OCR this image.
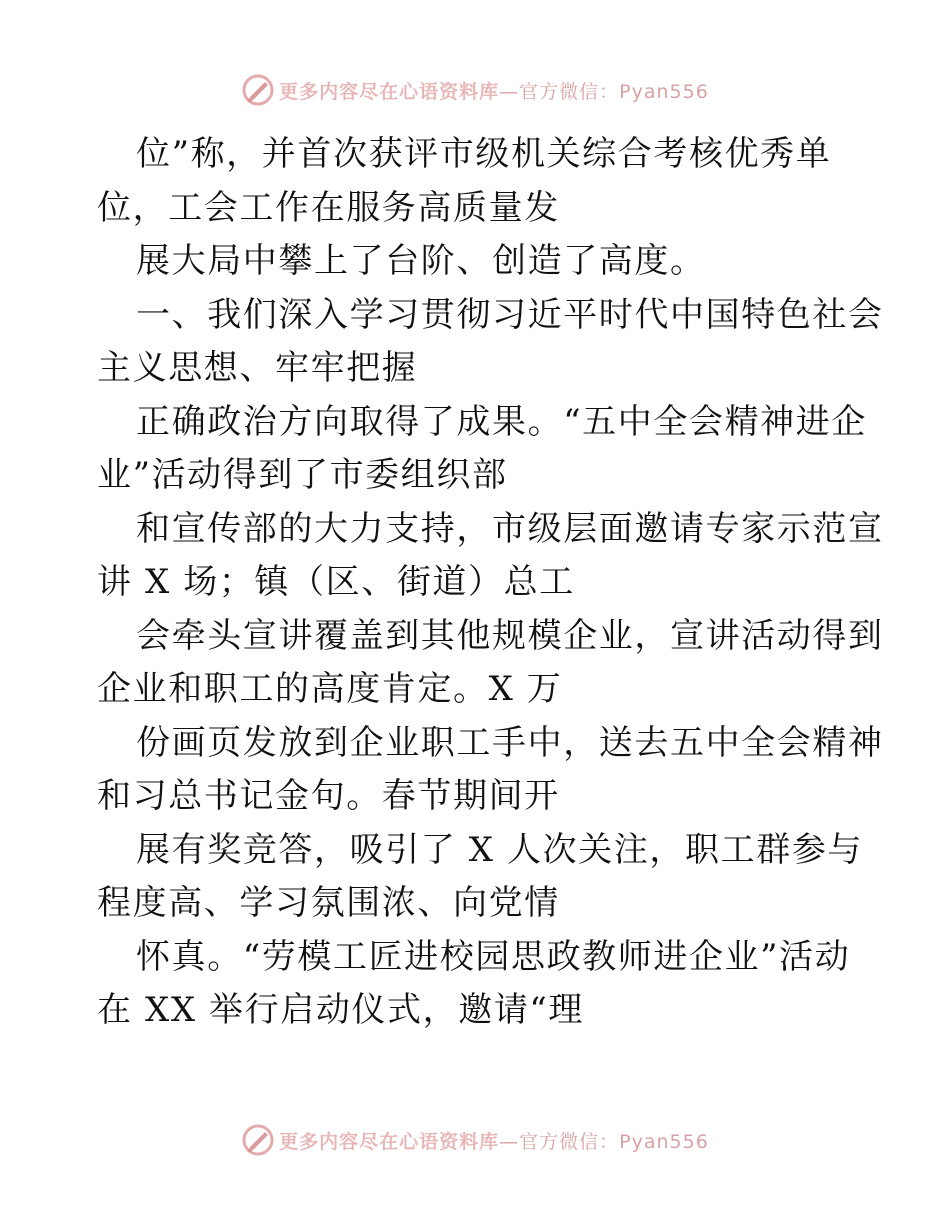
更多内容尽在心语资料库 —官方微信：Pyan556
位”称，并首次获评市级机关综合考核优秀单
位，工会工作在服务高质量发
展大局中攀上了台阶、创造了高度。
一、我们深入学习贯彻习近平时代中国特色社会
主义思想、牢牢把握
正确政治方向取得了成果。“五中全会精神进企
业”活动得到了市委组织部
和宣传部的大力支持，市级层面邀请专家示范宣
讲 X 场；镇（区、街道）总工
会牵头宣讲覆盖到其他规模企业，宣讲活动得到
企业和职工的高度肯定。X 万
份画页发放到企业职工手中，送去五中全会精神
和习总书记金句。春节期间开
展有奖竞答，吸引了 X 人次关注，职工群参与
程度高、学习氛围浓、向党情
怀真。“劳模工匠进校园思政教师进企业”活动
在 XX 举行启动仪式，邀请“理
更多内容尽在心语资料库 —官方微信：Pyan556
